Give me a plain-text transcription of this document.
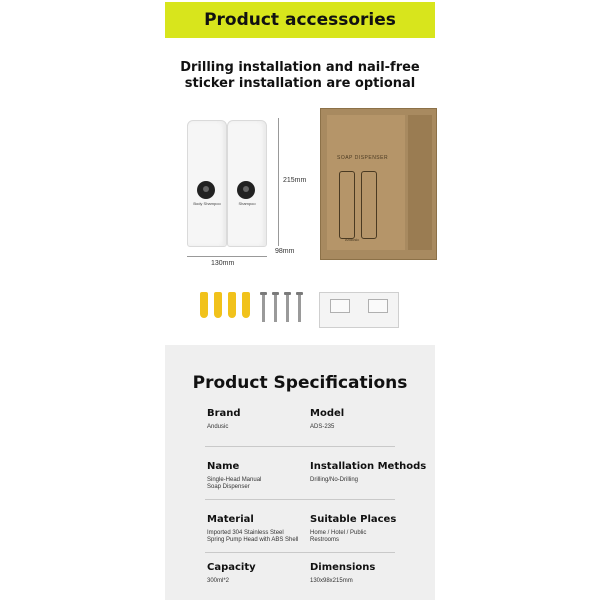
Product accessories
Drilling installation and nail-free
sticker installation are optional
Body Shampoo	Shampoo
215mm
130mm
98mm
SOAP DISPENSER
Andusic
Product Specifications
Brand
Andusic
Model
ADS-235
Name
Single-Head Manual
Soap Dispenser
Installation Methods
Drilling/No-Drilling
Material
Imported 304 Stainless Steel
Spring Pump Head with ABS Shell
Suitable Places
Home / Hotel / Public
Restrooms
Capacity
300ml*2
Dimensions
130x98x215mm
